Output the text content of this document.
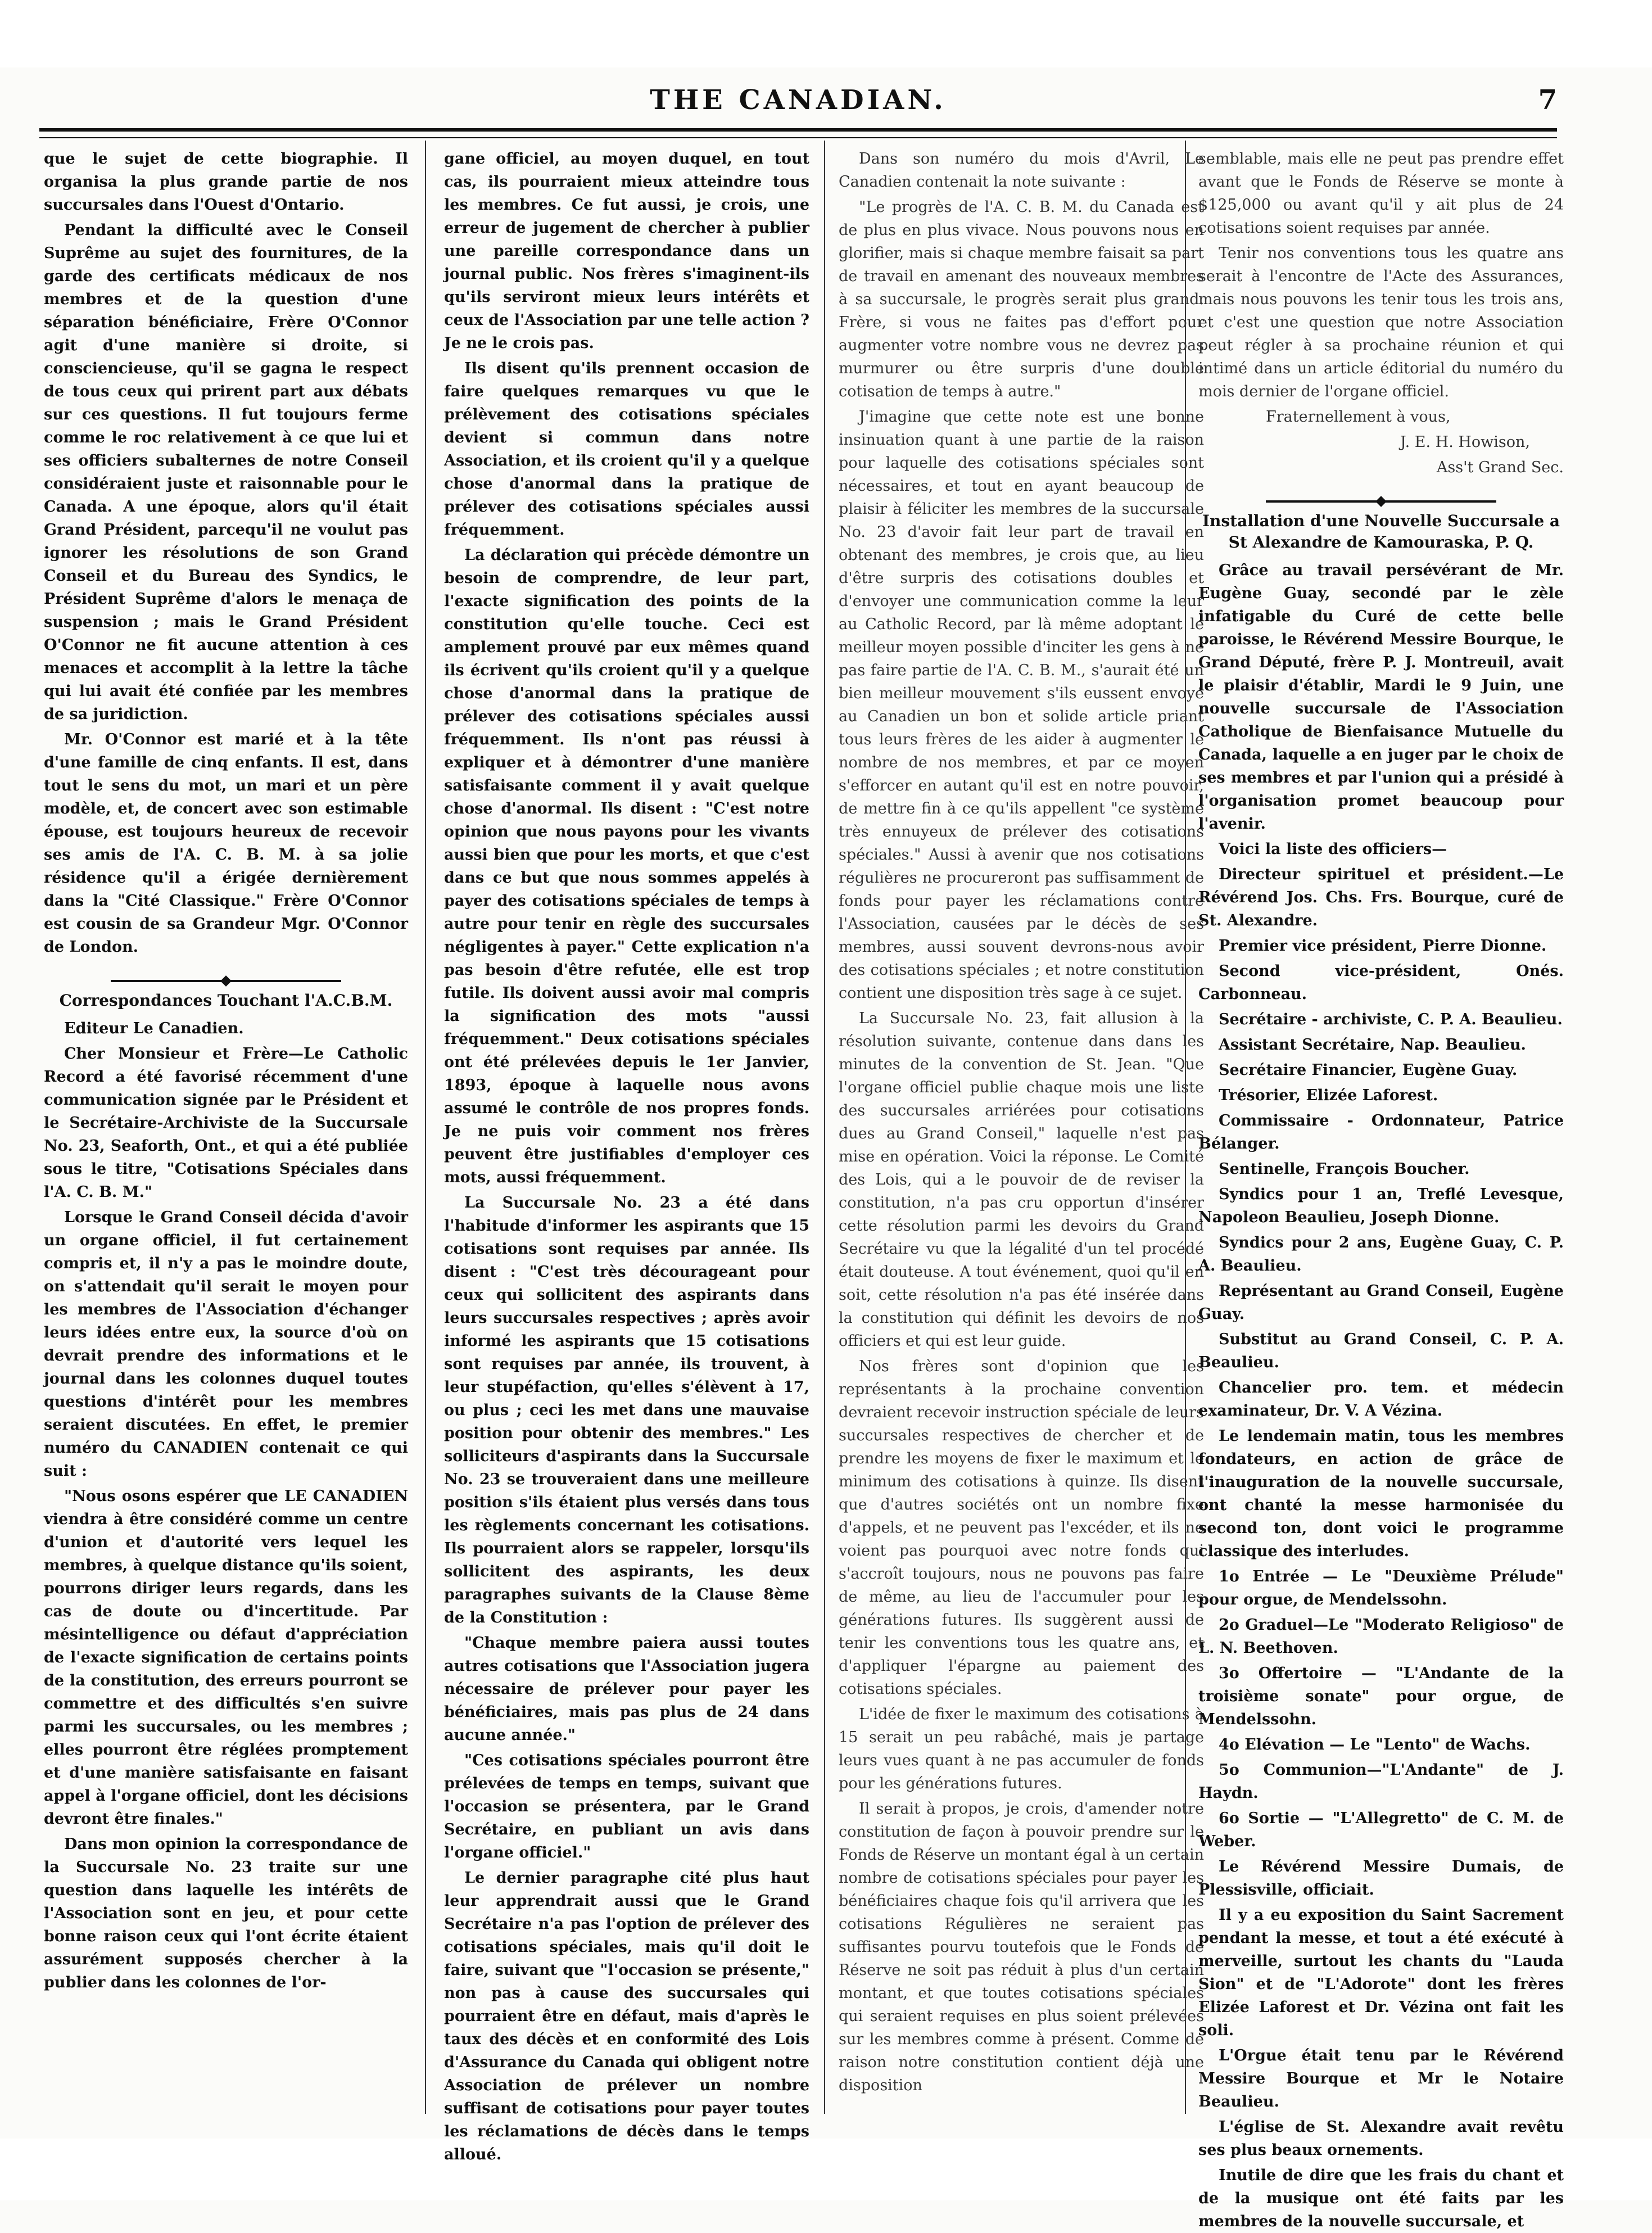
THE CANADIAN.	7

que le sujet de cette biographie. Il organisa la plus grande partie de nos succursales dans l'Ouest d'Ontario.

Pendant la difficulté avec le Conseil Suprême au sujet des fournitures, de la garde des certificats médicaux de nos membres et de la question d'une séparation bénéficiaire, Frère O'Connor agit d'une manière si droite, si consciencieuse, qu'il se gagna le respect de tous ceux qui prirent part aux débats sur ces questions. Il fut toujours ferme comme le roc relativement à ce que lui et ses officiers subalternes de notre Conseil considéraient juste et raisonnable pour le Canada. A une époque, alors qu'il était Grand Président, parcequ'il ne voulut pas ignorer les résolutions de son Grand Conseil et du Bureau des Syndics, le Président Suprême d'alors le menaça de suspension ; mais le Grand Président O'Connor ne fit aucune attention à ces menaces et accomplit à la lettre la tâche qui lui avait été confiée par les membres de sa juridiction.

Mr. O'Connor est marié et à la tête d'une famille de cinq enfants. Il est, dans tout le sens du mot, un mari et un père modèle, et, de concert avec son estimable épouse, est toujours heureux de recevoir ses amis de l'A. C. B. M. à sa jolie résidence qu'il a érigée dernièrement dans la "Cité Classique." Frère O'Connor est cousin de sa Grandeur Mgr. O'Connor de London.

Correspondances Touchant l'A.C.B.M.

Editeur Le Canadien.

Cher Monsieur et Frère—Le Catholic Record a été favorisé récemment d'une communication signée par le Président et le Secrétaire-Archiviste de la Succursale No. 23, Seaforth, Ont., et qui a été publiée sous le titre, "Cotisations Spéciales dans l'A. C. B. M."

Lorsque le Grand Conseil décida d'avoir un organe officiel, il fut certainement compris et, il n'y a pas le moindre doute, on s'attendait qu'il serait le moyen pour les membres de l'Association d'échanger leurs idées entre eux, la source d'où on devrait prendre des informations et le journal dans les colonnes duquel toutes questions d'intérêt pour les membres seraient discutées. En effet, le premier numéro du CANADIEN contenait ce qui suit :

"Nous osons espérer que LE CANADIEN viendra à être considéré comme un centre d'union et d'autorité vers lequel les membres, à quelque distance qu'ils soient, pourrons diriger leurs regards, dans les cas de doute ou d'incertitude. Par mésintelligence ou défaut d'appréciation de l'exacte signification de certains points de la constitution, des erreurs pourront se commettre et des difficultés s'en suivre parmi les succursales, ou les membres ; elles pourront être réglées promptement et d'une manière satisfaisante en faisant appel à l'organe officiel, dont les décisions devront être finales."

Dans mon opinion la correspondance de la Succursale No. 23 traite sur une question dans laquelle les intérêts de l'Association sont en jeu, et pour cette bonne raison ceux qui l'ont écrite étaient assurément supposés chercher à la publier dans les colonnes de l'or-

gane officiel, au moyen duquel, en tout cas, ils pourraient mieux atteindre tous les membres. Ce fut aussi, je crois, une erreur de jugement de chercher à publier une pareille correspondance dans un journal public. Nos frères s'imaginent-ils qu'ils serviront mieux leurs intérêts et ceux de l'Association par une telle action ? Je ne le crois pas.

Ils disent qu'ils prennent occasion de faire quelques remarques vu que le prélèvement des cotisations spéciales devient si commun dans notre Association, et ils croient qu'il y a quelque chose d'anormal dans la pratique de prélever des cotisations spéciales aussi fréquemment.

La déclaration qui précède démontre un besoin de comprendre, de leur part, l'exacte signification des points de la constitution qu'elle touche. Ceci est amplement prouvé par eux mêmes quand ils écrivent qu'ils croient qu'il y a quelque chose d'anormal dans la pratique de prélever des cotisations spéciales aussi fréquemment. Ils n'ont pas réussi à expliquer et à démontrer d'une manière satisfaisante comment il y avait quelque chose d'anormal. Ils disent : "C'est notre opinion que nous payons pour les vivants aussi bien que pour les morts, et que c'est dans ce but que nous sommes appelés à payer des cotisations spéciales de temps à autre pour tenir en règle des succursales négligentes à payer." Cette explication n'a pas besoin d'être refutée, elle est trop futile. Ils doivent aussi avoir mal compris la signification des mots "aussi fréquemment." Deux cotisations spéciales ont été prélevées depuis le 1er Janvier, 1893, époque à laquelle nous avons assumé le contrôle de nos propres fonds. Je ne puis voir comment nos frères peuvent être justifiables d'employer ces mots, aussi fréquemment.

La Succursale No. 23 a été dans l'habitude d'informer les aspirants que 15 cotisations sont requises par année. Ils disent : "C'est très décourageant pour ceux qui sollicitent des aspirants dans leurs succursales respectives ; après avoir informé les aspirants que 15 cotisations sont requises par année, ils trouvent, à leur stupéfaction, qu'elles s'élèvent à 17, ou plus ; ceci les met dans une mauvaise position pour obtenir des membres." Les solliciteurs d'aspirants dans la Succursale No. 23 se trouveraient dans une meilleure position s'ils étaient plus versés dans tous les règlements concernant les cotisations. Ils pourraient alors se rappeler, lorsqu'ils sollicitent des aspirants, les deux paragraphes suivants de la Clause 8ème de la Constitution :

"Chaque membre paiera aussi toutes autres cotisations que l'Association jugera nécessaire de prélever pour payer les bénéficiaires, mais pas plus de 24 dans aucune année."

"Ces cotisations spéciales pourront être prélevées de temps en temps, suivant que l'occasion se présentera, par le Grand Secrétaire, en publiant un avis dans l'organe officiel."

Le dernier paragraphe cité plus haut leur apprendrait aussi que le Grand Secrétaire n'a pas l'option de prélever des cotisations spéciales, mais qu'il doit le faire, suivant que "l'occasion se présente," non pas à cause des succursales qui pourraient être en défaut, mais d'après le taux des décès et en conformité des Lois d'Assurance du Canada qui obligent notre Association de prélever un nombre suffisant de cotisations pour payer toutes les réclamations de décès dans le temps alloué.

Dans son numéro du mois d'Avril, Le Canadien contenait la note suivante :

"Le progrès de l'A. C. B. M. du Canada est de plus en plus vivace. Nous pouvons nous en glorifier, mais si chaque membre faisait sa part de travail en amenant des nouveaux membres à sa succursale, le progrès serait plus grand. Frère, si vous ne faites pas d'effort pour augmenter votre nombre vous ne devrez pas murmurer ou être surpris d'une double cotisation de temps à autre."

J'imagine que cette note est une bonne insinuation quant à une partie de la raison pour laquelle des cotisations spéciales sont nécessaires, et tout en ayant beaucoup de plaisir à féliciter les membres de la succursale No. 23 d'avoir fait leur part de travail en obtenant des membres, je crois que, au lieu d'être surpris des cotisations doubles et d'envoyer une communication comme la leur au Catholic Record, par là même adoptant le meilleur moyen possible d'inciter les gens à ne pas faire partie de l'A. C. B. M., s'aurait été un bien meilleur mouvement s'ils eussent envoyé au Canadien un bon et solide article priant tous leurs frères de les aider à augmenter le nombre de nos membres, et par ce moyen s'efforcer en autant qu'il est en notre pouvoir, de mettre fin à ce qu'ils appellent "ce système très ennuyeux de prélever des cotisations spéciales." Aussi à avenir que nos cotisations régulières ne procureront pas suffisamment de fonds pour payer les réclamations contre l'Association, causées par le décès de ses membres, aussi souvent devrons-nous avoir des cotisations spéciales ; et notre constitution contient une disposition très sage à ce sujet.

La Succursale No. 23, fait allusion à la résolution suivante, contenue dans dans les minutes de la convention de St. Jean. "Que l'organe officiel publie chaque mois une liste des succursales arriérées pour cotisations dues au Grand Conseil," laquelle n'est pas mise en opération. Voici la réponse. Le Comité des Lois, qui a le pouvoir de de reviser la constitution, n'a pas cru opportun d'insérer cette résolution parmi les devoirs du Grand Secrétaire vu que la légalité d'un tel procédé était douteuse. A tout événement, quoi qu'il en soit, cette résolution n'a pas été insérée dans la constitution qui définit les devoirs de nos officiers et qui est leur guide.

Nos frères sont d'opinion que les représentants à la prochaine convention devraient recevoir instruction spéciale de leurs succursales respectives de chercher et de prendre les moyens de fixer le maximum et le minimum des cotisations à quinze. Ils disent que d'autres sociétés ont un nombre fixe d'appels, et ne peuvent pas l'excéder, et ils ne voient pas pourquoi avec notre fonds qui s'accroît toujours, nous ne pouvons pas faire de même, au lieu de l'accumuler pour les générations futures. Ils suggèrent aussi de tenir les conventions tous les quatre ans, et d'appliquer l'épargne au paiement des cotisations spéciales.

L'idée de fixer le maximum des cotisations à 15 serait un peu rabâché, mais je partage leurs vues quant à ne pas accumuler de fonds pour les générations futures.

Il serait à propos, je crois, d'amender notre constitution de façon à pouvoir prendre sur le Fonds de Réserve un montant égal à un certain nombre de cotisations spéciales pour payer les bénéficiaires chaque fois qu'il arrivera que les cotisations Régulières ne seraient pas suffisantes pourvu toutefois que le Fonds de Réserve ne soit pas réduit à plus d'un certain montant, et que toutes cotisations spéciales qui seraient requises en plus soient prélevées sur les membres comme à présent. Comme de raison notre constitution contient déjà une disposition

semblable, mais elle ne peut pas prendre effet avant que le Fonds de Réserve se monte à $125,000 ou avant qu'il y ait plus de 24 cotisations soient requises par année.

Tenir nos conventions tous les quatre ans serait à l'encontre de l'Acte des Assurances, mais nous pouvons les tenir tous les trois ans, et c'est une question que notre Association peut régler à sa prochaine réunion et qui intimé dans un article éditorial du numéro du mois dernier de l'organe officiel.

Fraternellement à vous,

J. E. H. Howison,

Ass't Grand Sec.

Installation d'une Nouvelle Succursale a St Alexandre de Kamouraska, P. Q.

Grâce au travail persévérant de Mr. Eugène Guay, secondé par le zèle infatigable du Curé de cette belle paroisse, le Révérend Messire Bourque, le Grand Député, frère P. J. Montreuil, avait le plaisir d'établir, Mardi le 9 Juin, une nouvelle succursale de l'Association Catholique de Bienfaisance Mutuelle du Canada, laquelle a en juger par le choix de ses membres et par l'union qui a présidé à l'organisation promet beaucoup pour l'avenir.

Voici la liste des officiers—

Directeur spirituel et président.—Le Révérend Jos. Chs. Frs. Bourque, curé de St. Alexandre.

Premier vice président, Pierre Dionne.

Second vice-président, Onés. Carbonneau.

Secrétaire - archiviste, C. P. A. Beaulieu.

Assistant Secrétaire, Nap. Beaulieu.

Secrétaire Financier, Eugène Guay.

Trésorier, Elizée Laforest.

Commissaire - Ordonnateur, Patrice Bélanger.

Sentinelle, François Boucher.

Syndics pour 1 an, Treflé Levesque, Napoleon Beaulieu, Joseph Dionne.

Syndics pour 2 ans, Eugène Guay, C. P. A. Beaulieu.

Représentant au Grand Conseil, Eugène Guay.

Substitut au Grand Conseil, C. P. A. Beaulieu.

Chancelier pro. tem. et médecin examinateur, Dr. V. A Vézina.

Le lendemain matin, tous les membres fondateurs, en action de grâce de l'inauguration de la nouvelle succursale, ont chanté la messe harmonisée du second ton, dont voici le programme classique des interludes.

1o Entrée — Le "Deuxième Prélude" pour orgue, de Mendelssohn.

2o Graduel—Le "Moderato Religioso" de L. N. Beethoven.

3o Offertoire — "L'Andante de la troisième sonate" pour orgue, de Mendelssohn.

4o Elévation — Le "Lento" de Wachs.

5o Communion—"L'Andante" de J. Haydn.

6o Sortie — "L'Allegretto" de C. M. de Weber.

Le Révérend Messire Dumais, de Plessisville, officiait.

Il y a eu exposition du Saint Sacrement pendant la messe, et tout a été exécuté à merveille, surtout les chants du "Lauda Sion" et de "L'Adorote" dont les frères Elizée Laforest et Dr. Vézina ont fait les soli.

L'Orgue était tenu par le Révérend Messire Bourque et Mr le Notaire Beaulieu.

L'église de St. Alexandre avait revêtu ses plus beaux ornements.

Inutile de dire que les frais du chant et de la musique ont été faits par les membres de la nouvelle succursale, et
